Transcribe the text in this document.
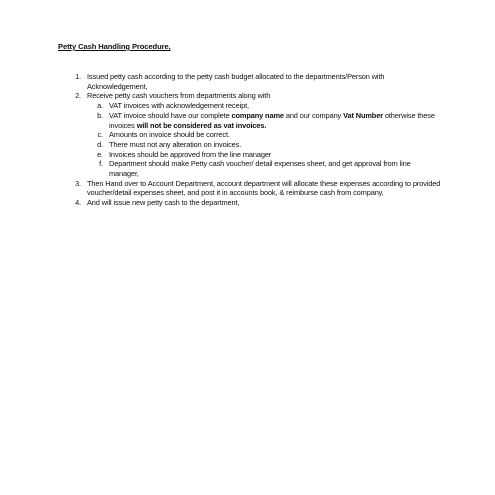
Petty Cash Handling Procedure,
1. Issued petty cash according to the petty cash budget allocated to the departments/Person with Acknowledgement,
2. Receive petty cash vouchers from departments along with
a. VAT invoices with acknowledgement receipt,
b. VAT invoice should have our complete company name and our company Vat Number otherwise these invoices will not be considered as vat invoices.
c. Amounts on invoice should be correct.
d. There must not any alteration on invoices.
e. Invoices should be approved from the line manager
f. Department should make Petty cash voucher/ detail expenses sheet, and get approval from line manager,
3. Then Hand over to Account Department, account department will allocate these expenses according to provided voucher/detail expenses sheet, and post it in accounts book, & reimburse cash from company,
4. And will issue new petty cash to the department,
